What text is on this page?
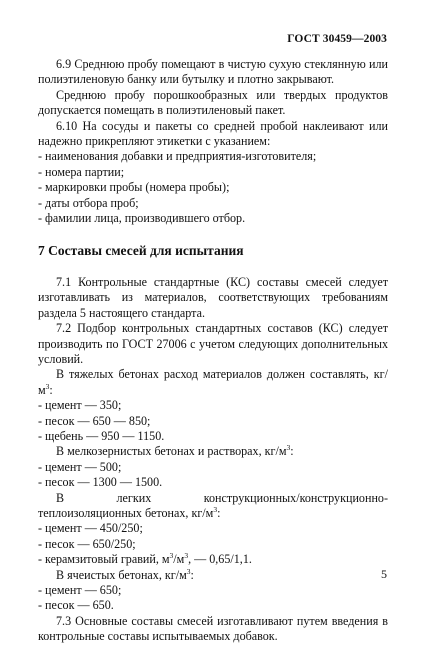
ГОСТ 30459—2003

6.9 Среднюю пробу помещают в чистую сухую стеклянную или полиэтиленовую банку или бутылку и плотно закрывают.

Среднюю пробу порошкообразных или твердых продуктов допускается помещать в полиэтиленовый пакет.

6.10 На сосуды и пакеты со средней пробой наклеивают или надежно прикрепляют этикетки с указанием:

- наименования добавки и предприятия-изготовителя;

- номера партии;

- маркировки пробы (номера пробы);

- даты отбора проб;

- фамилии лица, производившего отбор.

7 Составы смесей для испытания

7.1 Контрольные стандартные (КС) составы смесей следует изготавливать из материалов, соответствующих требованиям раздела 5 настоящего стандарта.

7.2 Подбор контрольных стандартных составов (КС) следует производить по ГОСТ 27006 с учетом следующих дополнительных условий.

В тяжелых бетонах расход материалов должен составлять, $кг/м^3$:

- цемент — 350;

- песок — 650 — 850;

- щебень — 950 — 1150.

В мелкозернистых бетонах и растворах, $кг/м^3$:

- цемент — 500;

- песок — 1300 — 1500.

В легких конструкционных/конструкционно-теплоизоляционных бетонах, $кг/м^3$:

- цемент — 450/250;

- песок — 650/250;

- керамзитовый гравий, $м^3/м^3$, — 0,65/1,1.

В ячеистых бетонах, $кг/м^3$:

- цемент — 650;

- песок — 650.

7.3 Основные составы смесей изготавливают путем введения в контрольные составы испытываемых добавок.

5
